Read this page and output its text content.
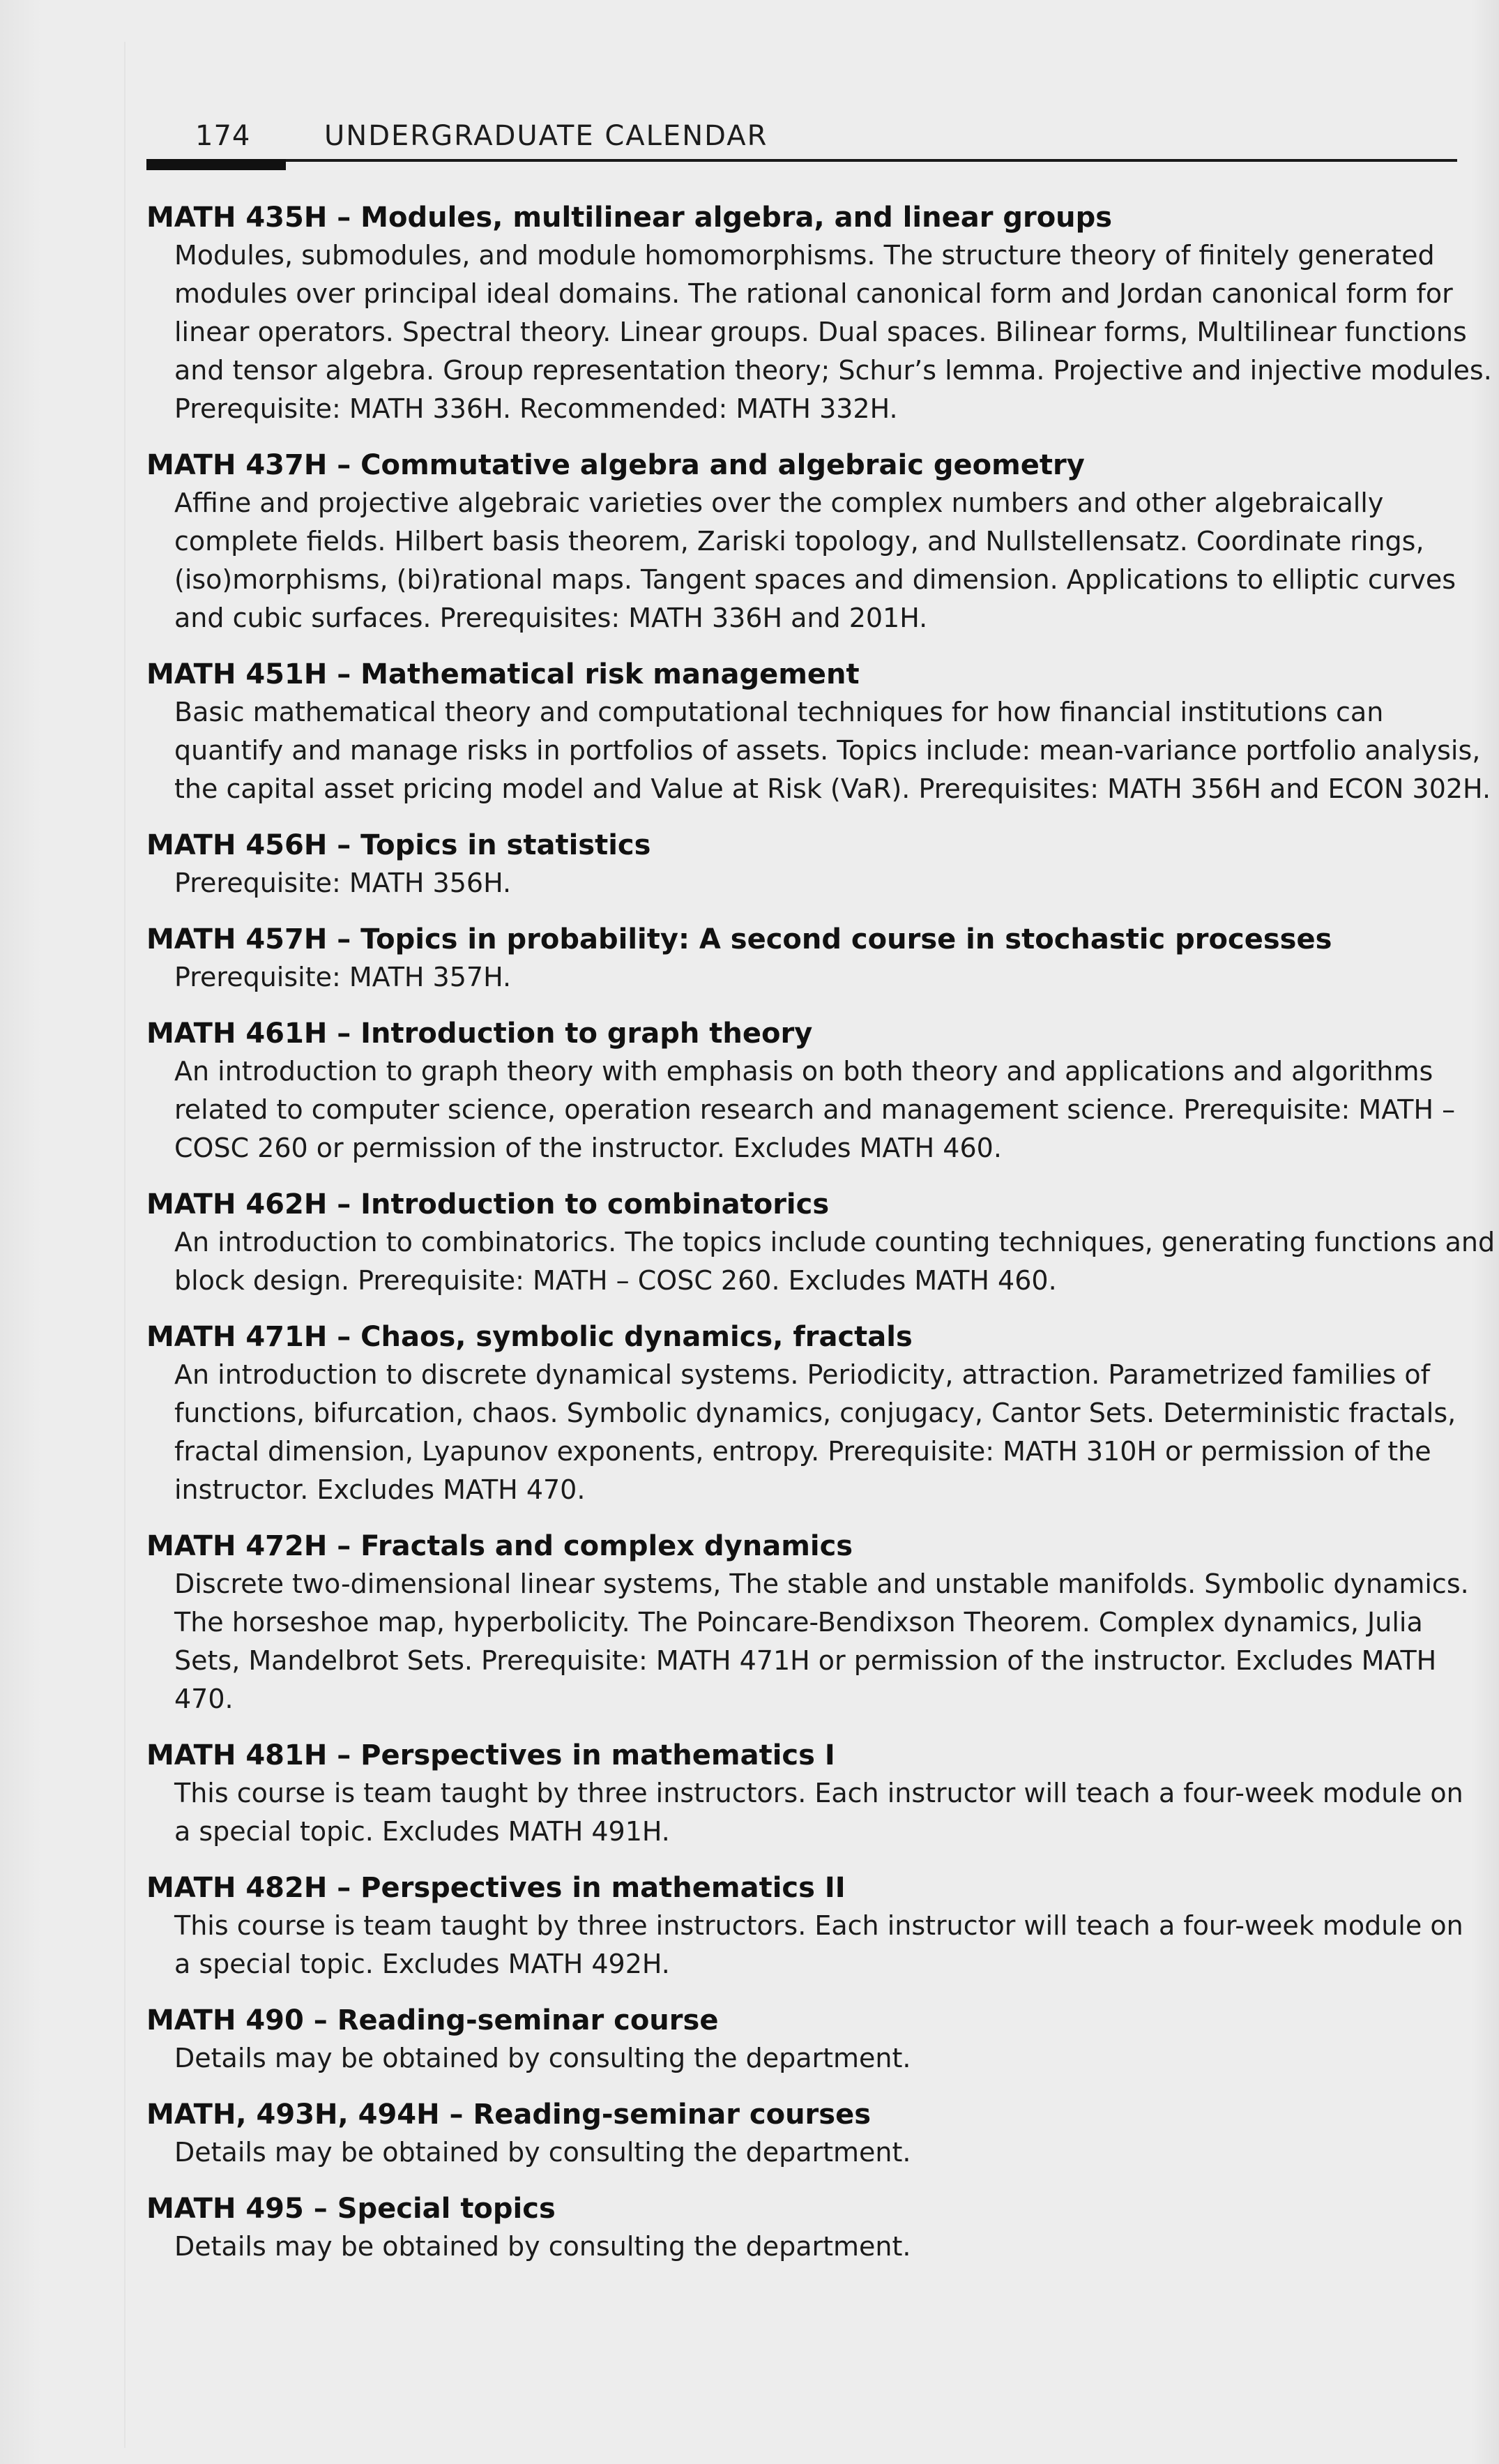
174	UNDERGRADUATE CALENDAR
MATH 435H – Modules, multilinear algebra, and linear groups
Modules, submodules, and module homomorphisms. The structure theory of finitely generated
modules over principal ideal domains. The rational canonical form and Jordan canonical form for
linear operators. Spectral theory. Linear groups. Dual spaces. Bilinear forms, Multilinear functions
and tensor algebra. Group representation theory; Schur’s lemma. Projective and injective modules.
Prerequisite: MATH 336H. Recommended: MATH 332H.
MATH 437H – Commutative algebra and algebraic geometry
Affine and projective algebraic varieties over the complex numbers and other algebraically
complete fields. Hilbert basis theorem, Zariski topology, and Nullstellensatz. Coordinate rings,
(iso)morphisms, (bi)rational maps. Tangent spaces and dimension. Applications to elliptic curves
and cubic surfaces. Prerequisites: MATH 336H and 201H.
MATH 451H – Mathematical risk management
Basic mathematical theory and computational techniques for how financial institutions can
quantify and manage risks in portfolios of assets. Topics include: mean-variance portfolio analysis,
the capital asset pricing model and Value at Risk (VaR). Prerequisites: MATH 356H and ECON 302H.
MATH 456H – Topics in statistics
Prerequisite: MATH 356H.
MATH 457H – Topics in probability: A second course in stochastic processes
Prerequisite: MATH 357H.
MATH 461H – Introduction to graph theory
An introduction to graph theory with emphasis on both theory and applications and algorithms
related to computer science, operation research and management science. Prerequisite: MATH –
COSC 260 or permission of the instructor. Excludes MATH 460.
MATH 462H – Introduction to combinatorics
An introduction to combinatorics. The topics include counting techniques, generating functions and
block design. Prerequisite: MATH – COSC 260. Excludes MATH 460.
MATH 471H – Chaos, symbolic dynamics, fractals
An introduction to discrete dynamical systems. Periodicity, attraction. Parametrized families of
functions, bifurcation, chaos. Symbolic dynamics, conjugacy, Cantor Sets. Deterministic fractals,
fractal dimension, Lyapunov exponents, entropy. Prerequisite: MATH 310H or permission of the
instructor. Excludes MATH 470.
MATH 472H – Fractals and complex dynamics
Discrete two-dimensional linear systems, The stable and unstable manifolds. Symbolic dynamics.
The horseshoe map, hyperbolicity. The Poincare-Bendixson Theorem. Complex dynamics, Julia
Sets, Mandelbrot Sets. Prerequisite: MATH 471H or permission of the instructor. Excludes MATH
470.
MATH 481H – Perspectives in mathematics I
This course is team taught by three instructors. Each instructor will teach a four-week module on
a special topic. Excludes MATH 491H.
MATH 482H – Perspectives in mathematics II
This course is team taught by three instructors. Each instructor will teach a four-week module on
a special topic. Excludes MATH 492H.
MATH 490 – Reading-seminar course
Details may be obtained by consulting the department.
MATH, 493H, 494H – Reading-seminar courses
Details may be obtained by consulting the department.
MATH 495 – Special topics
Details may be obtained by consulting the department.
